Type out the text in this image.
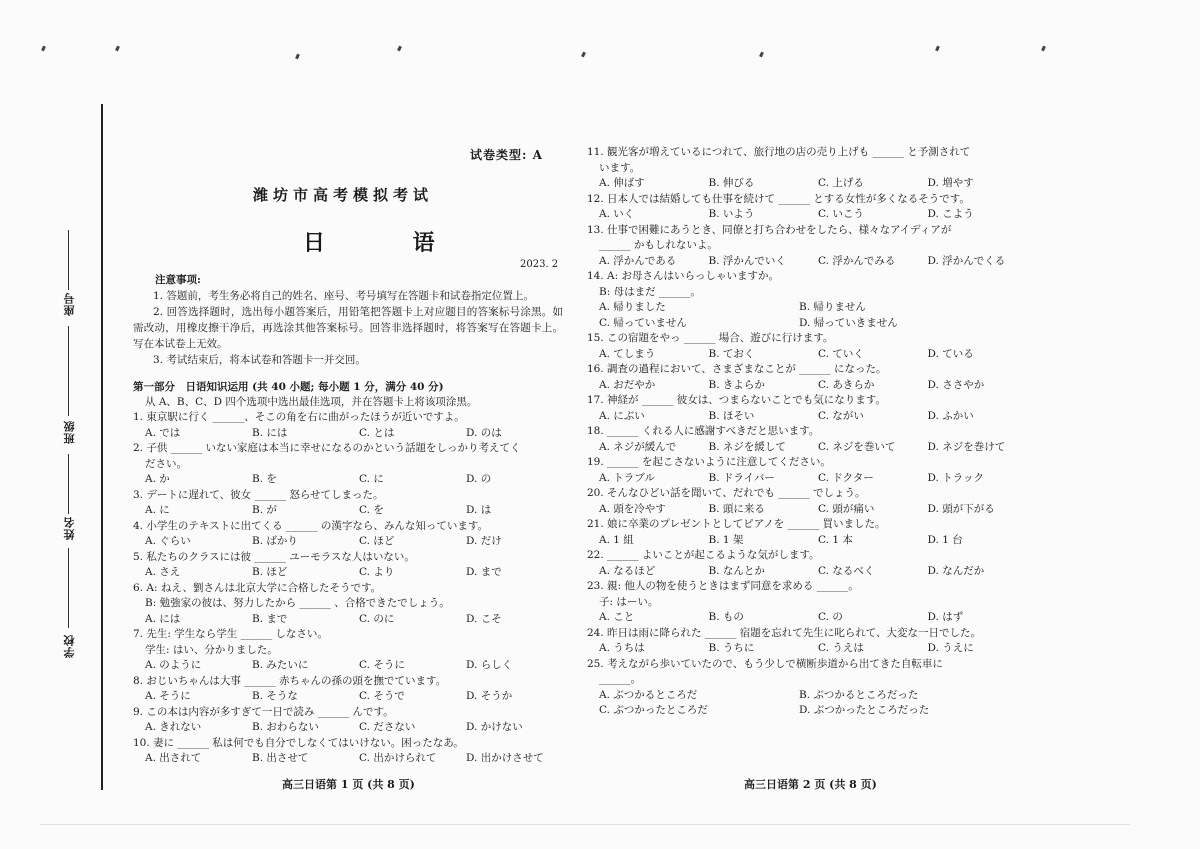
座号
班级
姓名
学校
试卷类型: A
潍坊市高考模拟考试
日 语
2023. 2
注意事项:

1. 答题前，考生务必将自己的姓名、座号、考号填写在答题卡和试卷指定位置上。

2. 回答选择题时，选出每小题答案后，用铅笔把答题卡上对应题目的答案标号涂黑。如需改动，用橡皮擦干净后，再选涂其他答案标号。回答非选择题时，将答案写在答题卡上。写在本试卷上无效。

3. 考试结束后，将本试卷和答题卡一并交回。

第一部分　日语知识运用 (共 40 小题; 每小题 1 分，满分 40 分)
从 A、B、C、D 四个选项中选出最佳选项，并在答题卡上将该项涂黑。
1. 東京駅に行く ______、そこの角を右に曲がったほうが近いですよ。
A. では	B. には	C. とは	D. のは
2. 子供 ______ いない家庭は本当に幸せになるのかという話題をしっかり考えてく
ださい。
A. か	B. を	C. に	D. の
3. デートに遅れて、彼女 ______ 怒らせてしまった。
A. に	B. が	C. を	D. は
4. 小学生のテキストに出てくる ______ の漢字なら、みんな知っています。
A. ぐらい	B. ばかり	C. ほど	D. だけ
5. 私たちのクラスには彼 ______ ユーモラスな人はいない。
A. さえ	B. ほど	C. より	D. まで
6. A: ねえ、劉さんは北京大学に合格したそうです。
B: 勉強家の彼は、努力したから ______ 、合格できたでしょう。
A. には	B. まで	C. のに	D. こそ
7. 先生: 学生なら学生 ______ しなさい。
学生: はい、分かりました。
A. のように	B. みたいに	C. そうに	D. らしく
8. おじいちゃんは大事 ______ 赤ちゃんの孫の頭を撫でています。
A. そうに	B. そうな	C. そうで	D. そうか
9. この本は内容が多すぎて一日で読み ______ んです。
A. きれない	B. おわらない	C. ださない	D. かけない
10. 妻に ______ 私は何でも自分でしなくてはいけない。困ったなあ。
A. 出されて	B. 出させて	C. 出かけられて	D. 出かけさせて
11. 観光客が増えているにつれて、旅行地の店の売り上げも ______ と予測されて
います。
A. 伸ばす	B. 伸びる	C. 上げる	D. 増やす
12. 日本人では結婚しても仕事を続けて ______ とする女性が多くなるそうです。
A. いく	B. いよう	C. いこう	D. こよう
13. 仕事で困難にあうとき、同僚と打ち合わせをしたら、様々なアイディアが
______ かもしれないよ。
A. 浮かんである	B. 浮かんでいく	C. 浮かんでみる	D. 浮かんでくる
14. A: お母さんはいらっしゃいますか。
B: 母はまだ ______。
A. 帰りました	B. 帰りません
C. 帰っていません	D. 帰っていきません
15. この宿題をやっ ______ 場合、遊びに行けます。
A. てしまう	B. ておく	C. ていく	D. ている
16. 調査の過程において、さまざまなことが ______ になった。
A. おだやか	B. きよらか	C. あきらか	D. ささやか
17. 神経が ______ 彼女は、つまらないことでも気になります。
A. にぶい	B. ほそい	C. ながい	D. ふかい
18. ______ くれる人に感謝すべきだと思います。
A. ネジが緩んで	B. ネジを緩して	C. ネジを巻いて	D. ネジを巻けて
19. ______ を起こさないように注意してください。
A. トラブル	B. ドライバー	C. ドクター	D. トラック
20. そんなひどい話を聞いて、だれでも ______ でしょう。
A. 頭を冷やす	B. 頭に来る	C. 頭が痛い	D. 頭が下がる
21. 娘に卒業のプレゼントとしてピアノを ______ 買いました。
A. 1 組	B. 1 架	C. 1 本	D. 1 台
22. ______ よいことが起こるような気がします。
A. なるほど	B. なんとか	C. なるべく	D. なんだか
23. 親: 他人の物を使うときはまず同意を求める ______。
子: はーい。
A. こと	B. もの	C. の	D. はず
24. 昨日は雨に降られた ______ 宿題を忘れて先生に叱られて、大変な一日でした。
A. うちは	B. うちに	C. うえは	D. うえに
25. 考えながら歩いていたので、もう少しで横断歩道から出てきた自転車に
______。
A. ぶつかるところだ	B. ぶつかるところだった
C. ぶつかったところだ	D. ぶつかったところだった
高三日语第 1 页 (共 8 页)	高三日语第 2 页 (共 8 页)
